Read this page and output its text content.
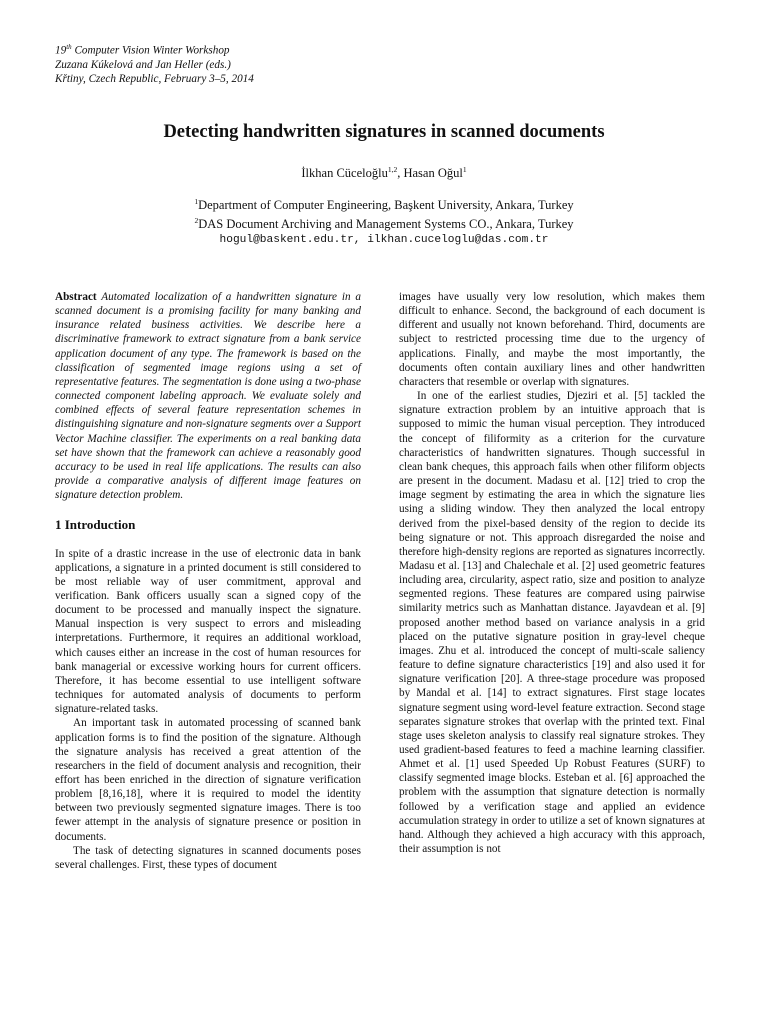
19th Computer Vision Winter Workshop
Zuzana Kúkelová and Jan Heller (eds.)
Křtiny, Czech Republic, February 3–5, 2014
Detecting handwritten signatures in scanned documents
İlkhan Cüceloğlu$^{1,2}$, Hasan Oğul$^1$
$^1$Department of Computer Engineering, Başkent University, Ankara, Turkey
$^2$DAS Document Archiving and Management Systems CO., Ankara, Turkey
hogul@baskent.edu.tr, ilkhan.cuceloglu@das.com.tr

Abstract Automated localization of a handwritten signature in a scanned document is a promising facility for many banking and insurance related business activities. We describe here a discriminative framework to extract signature from a bank service application document of any type. The framework is based on the classification of segmented image regions using a set of representative features. The segmentation is done using a two-phase connected component labeling approach. We evaluate solely and combined effects of several feature representation schemes in distinguishing signature and non-signature segments over a Support Vector Machine classifier. The experiments on a real banking data set have shown that the framework can achieve a reasonably good accuracy to be used in real life applications. The results can also provide a comparative analysis of different image features on signature detection problem.

1 Introduction

In spite of a drastic increase in the use of electronic data in bank applications, a signature in a printed document is still considered to be most reliable way of user commitment, approval and verification. Bank officers usually scan a signed copy of the document to be processed and manually inspect the signature. Manual inspection is very suspect to errors and misleading interpretations. Furthermore, it requires an additional workload, which causes either an increase in the cost of human resources for bank managerial or excessive working hours for current officers. Therefore, it has become essential to use intelligent software techniques for automated analysis of documents to perform signature-related tasks.

An important task in automated processing of scanned bank application forms is to find the position of the signature. Although the signature analysis has received a great attention of the researchers in the field of document analysis and recognition, their effort has been enriched in the direction of signature verification problem [8,16,18], where it is required to model the identity between two previously segmented signature images. There is too fewer attempt in the analysis of signature presence or position in documents.

The task of detecting signatures in scanned documents poses several challenges. First, these types of document

images have usually very low resolution, which makes them difficult to enhance. Second, the background of each document is different and usually not known beforehand. Third, documents are subject to restricted processing time due to the urgency of applications. Finally, and maybe the most importantly, the documents often contain auxiliary lines and other handwritten characters that resemble or overlap with signatures.

In one of the earliest studies, Djeziri et al. [5] tackled the signature extraction problem by an intuitive approach that is supposed to mimic the human visual perception. They introduced the concept of filiformity as a criterion for the curvature characteristics of handwritten signatures. Though successful in clean bank cheques, this approach fails when other filiform objects are present in the document. Madasu et al. [12] tried to crop the image segment by estimating the area in which the signature lies using a sliding window. They then analyzed the local entropy derived from the pixel-based density of the region to decide its being signature or not. This approach disregarded the noise and therefore high-density regions are reported as signatures incorrectly. Madasu et al. [13] and Chalechale et al. [2] used geometric features including area, circularity, aspect ratio, size and position to analyze segmented regions. These features are compared using pairwise similarity metrics such as Manhattan distance. Jayavdean et al. [9] proposed another method based on variance analysis in a grid placed on the putative signature position in gray-level cheque images. Zhu et al. introduced the concept of multi-scale saliency feature to define signature characteristics [19] and also used it for signature verification [20]. A three-stage procedure was proposed by Mandal et al. [14] to extract signatures. First stage locates signature segment using word-level feature extraction. Second stage separates signature strokes that overlap with the printed text. Final stage uses skeleton analysis to classify real signature strokes. They used gradient-based features to feed a machine learning classifier. Ahmet et al. [1] used Speeded Up Robust Features (SURF) to classify segmented image blocks. Esteban et al. [6] approached the problem with the assumption that signature detection is normally followed by a verification stage and applied an evidence accumulation strategy in order to utilize a set of known signatures at hand. Although they achieved a high accuracy with this approach, their assumption is not
